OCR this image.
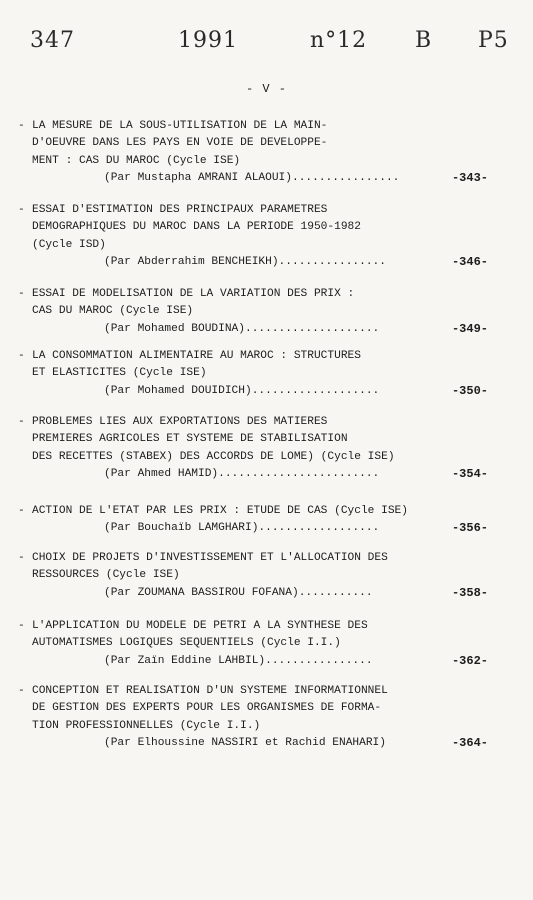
347	1991	n°12 B P5
- V -
- LA MESURE DE LA SOUS-UTILISATION DE LA MAIN-
D'OEUVRE DANS LES PAYS EN VOIE DE DEVELOPPE-
MENT : CAS DU MAROC (Cycle ISE)
(Par Mustapha AMRANI ALAOUI)................	-343-
- ESSAI D'ESTIMATION DES PRINCIPAUX PARAMETRES
DEMOGRAPHIQUES DU MAROC DANS LA PERIODE 1950-1982
(Cycle ISD)
(Par Abderrahim BENCHEIKH)................	-346-
- ESSAI DE MODELISATION DE LA VARIATION DES PRIX :
CAS DU MAROC (Cycle ISE)
(Par Mohamed BOUDINA)....................	-349-
- LA CONSOMMATION ALIMENTAIRE AU MAROC : STRUCTURES
ET ELASTICITES (Cycle ISE)
(Par Mohamed DOUIDICH)...................	-350-
- PROBLEMES LIES AUX EXPORTATIONS DES MATIERES
PREMIERES AGRICOLES ET SYSTEME DE STABILISATION
DES RECETTES (STABEX) DES ACCORDS DE LOME) (Cycle ISE)
(Par Ahmed HAMID)........................	-354-
- ACTION DE L'ETAT PAR LES PRIX : ETUDE DE CAS (Cycle ISE)
(Par Bouchaïb LAMGHARI)..................	-356-
- CHOIX DE PROJETS D'INVESTISSEMENT ET L'ALLOCATION DES
RESSOURCES (Cycle ISE)
(Par ZOUMANA BASSIROU FOFANA)...........	-358-
- L'APPLICATION DU MODELE DE PETRI A LA SYNTHESE DES
AUTOMATISMES LOGIQUES SEQUENTIELS (Cycle I.I.)
(Par Zaïn Eddine LAHBIL)................	-362-
- CONCEPTION ET REALISATION D'UN SYSTEME INFORMATIONNEL
DE GESTION DES EXPERTS POUR LES ORGANISMES DE FORMA-
TION PROFESSIONNELLES (Cycle I.I.)
(Par Elhoussine NASSIRI et Rachid ENAHARI)	-364-
